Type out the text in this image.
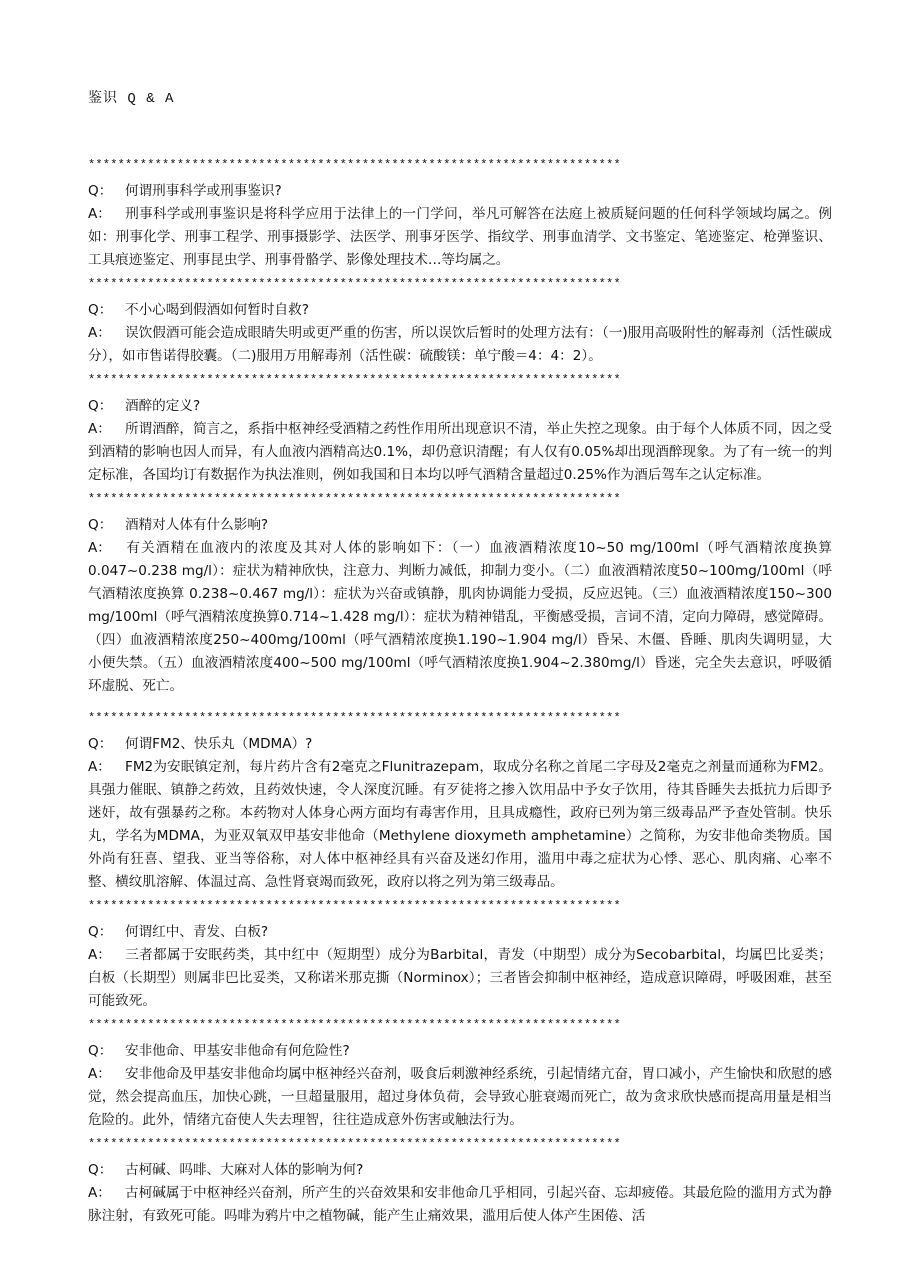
鉴识 Q & A
************************************************************************
Q： 何谓刑事科学或刑事鉴识?
A： 刑事科学或刑事鉴识是将科学应用于法律上的一门学问，举凡可解答在法庭上被质疑问题的任何科学领域均属之。例如：刑事化学、刑事工程学、刑事摄影学、法医学、刑事牙医学、指纹学、刑事血清学、文书鉴定、笔迹鉴定、枪弹鉴识、工具痕迹鉴定、刑事昆虫学、刑事骨骼学、影像处理技术…等均属之。
************************************************************************
Q： 不小心喝到假酒如何暂时自救?
A： 误饮假酒可能会造成眼睛失明或更严重的伤害，所以误饮后暂时的处理方法有：（一)服用高吸附性的解毒剂（活性碳成分），如市售诺得胶囊。（二)服用万用解毒剂（活性碳：硫酸镁：单宁酸＝4：4：2）。
************************************************************************
Q： 酒醉的定义?
A： 所谓酒醉，简言之，系指中枢神经受酒精之药性作用所出现意识不清，举止失控之现象。由于每个人体质不同，因之受到酒精的影响也因人而异，有人血液内酒精高达0.1%，却仍意识清醒；有人仅有0.05%却出现酒醉现象。为了有一统一的判定标准，各国均订有数据作为执法准则，例如我国和日本均以呼气酒精含量超过0.25%作为酒后驾车之认定标准。
************************************************************************
Q： 酒精对人体有什么影响?
A： 有关酒精在血液内的浓度及其对人体的影响如下：（一）血液酒精浓度10~50 mg/100ml（呼气酒精浓度换算0.047~0.238 mg/l）：症状为精神欣快，注意力、判断力减低，抑制力变小。（二）血液酒精浓度50~100mg/100ml（呼气酒精浓度换算 0.238~0.467 mg/l）：症状为兴奋或镇静，肌肉协调能力受损，反应迟钝。（三）血液酒精浓度150~300 mg/100ml（呼气酒精浓度换算0.714~1.428 mg/l）：症状为精神错乱，平衡感受损，言词不清，定向力障碍，感觉障碍。（四）血液酒精浓度250~400mg/100ml（呼气酒精浓度换1.190~1.904 mg/l）昏呆、木僵、昏睡、肌肉失调明显，大小便失禁。（五）血液酒精浓度400~500 mg/100ml（呼气酒精浓度换1.904~2.380mg/l）昏迷，完全失去意识，呼吸循环虚脱、死亡。
************************************************************************
Q： 何谓FM2、快乐丸（MDMA）?
A： FM2为安眠镇定剂，每片药片含有2毫克之Flunitrazepam，取成分名称之首尾二字母及2毫克之剂量而通称为FM2。具强力催眠、镇静之药效，且药效快速，令人深度沉睡。有歹徒将之掺入饮用品中予女子饮用，待其昏睡失去抵抗力后即予迷奸，故有强暴药之称。本药物对人体身心两方面均有毒害作用，且具成瘾性，政府已列为第三级毒品严予查处管制。快乐丸，学名为MDMA，为亚双氧双甲基安非他命（Methylene dioxymeth amphetamine）之简称，为安非他命类物质。国外尚有狂喜、望我、亚当等俗称，对人体中枢神经具有兴奋及迷幻作用，滥用中毒之症状为心悸、恶心、肌肉痛、心率不整、横纹肌溶解、体温过高、急性肾衰竭而致死，政府以将之列为第三级毒品。
************************************************************************
Q： 何谓红中、青发、白板?
A： 三者都属于安眠药类，其中红中（短期型）成分为Barbital，青发（中期型）成分为Secobarbital，均属巴比妥类；白板（长期型）则属非巴比妥类，又称诺米那克撕（Norminox）；三者皆会抑制中枢神经，造成意识障碍，呼吸困难，甚至可能致死。
************************************************************************
Q： 安非他命、甲基安非他命有何危险性?
A： 安非他命及甲基安非他命均属中枢神经兴奋剂，吸食后刺激神经系统，引起情绪亢奋，胃口减小，产生愉快和欣慰的感觉，然会提高血压，加快心跳，一旦超量服用，超过身体负荷，会导致心脏衰竭而死亡，故为贪求欣快感而提高用量是相当危险的。此外，情绪亢奋使人失去理智，往往造成意外伤害或触法行为。
************************************************************************
Q： 古柯碱、吗啡、大麻对人体的影响为何?
A： 古柯碱属于中枢神经兴奋剂，所产生的兴奋效果和安非他命几乎相同，引起兴奋、忘却疲倦。其最危险的滥用方式为静脉注射，有致死可能。吗啡为鸦片中之植物碱，能产生止痛效果，滥用后使人体产生困倦、活
